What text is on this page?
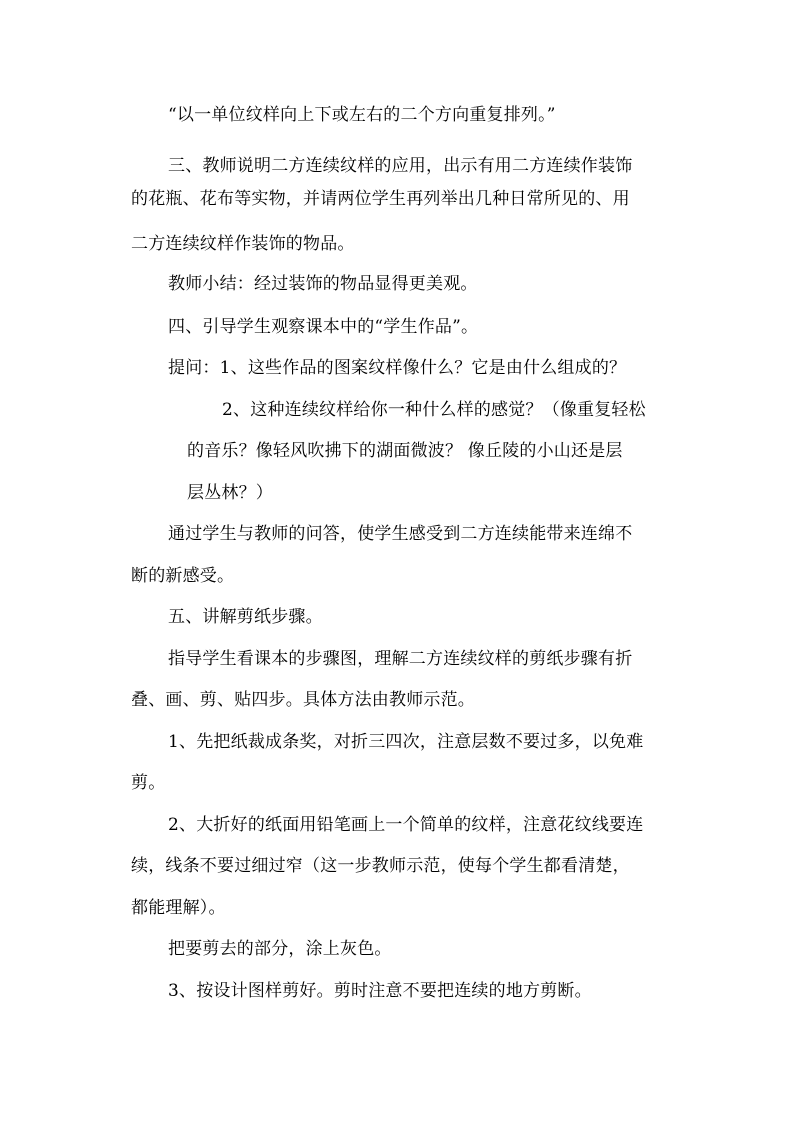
“以一单位纹样向上下或左右的二个方向重复排列。”
三、教师说明二方连续纹样的应用，出示有用二方连续作装饰
的花瓶、花布等实物，并请两位学生再列举出几种日常所见的、用
二方连续纹样作装饰的物品。
教师小结：经过装饰的物品显得更美观。
四、引导学生观察课本中的“学生作品”。
提问：1、这些作品的图案纹样像什么？它是由什么组成的？
2、这种连续纹样给你一种什么样的感觉？（像重复轻松
的音乐？像轻风吹拂下的湖面微波？ 像丘陵的小山还是层
层丛林？）
通过学生与教师的问答，使学生感受到二方连续能带来连绵不
断的新感受。
五、讲解剪纸步骤。
指导学生看课本的步骤图，理解二方连续纹样的剪纸步骤有折
叠、画、剪、贴四步。具体方法由教师示范。
1、先把纸裁成条奖，对折三四次，注意层数不要过多，以免难
剪。
2、大折好的纸面用铅笔画上一个简单的纹样，注意花纹线要连
续，线条不要过细过窄（这一步教师示范，使每个学生都看清楚，
都能理解）。
把要剪去的部分，涂上灰色。
3、按设计图样剪好。剪时注意不要把连续的地方剪断。
